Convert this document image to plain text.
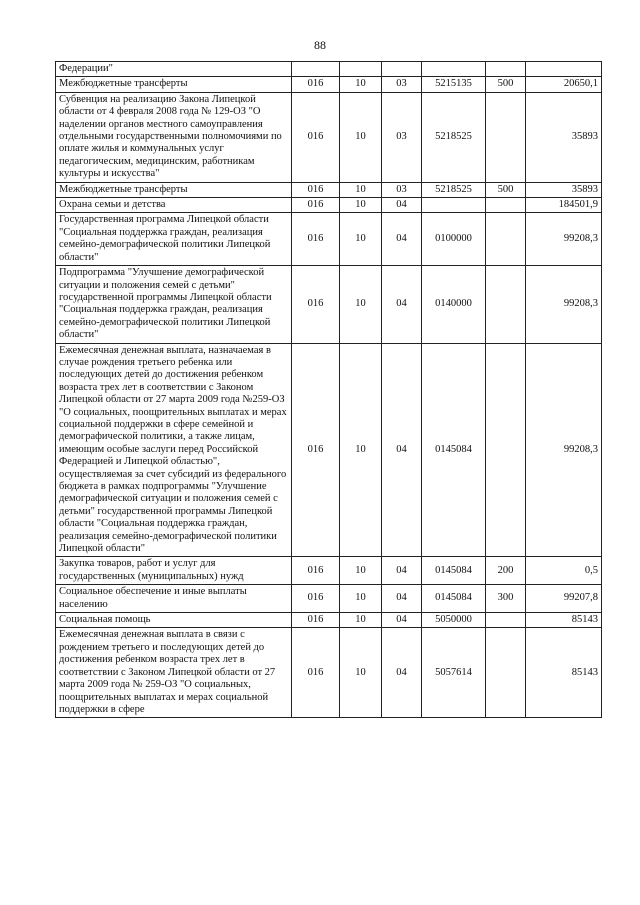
88
Федерации"						
Межбюджетные трансферты	016	10	03	5215135	500	20650,1
Субвенция на реализацию Закона Липецкой области от 4 февраля 2008 года № 129-ОЗ "О наделении органов местного самоуправления отдельными государственными полномочиями по оплате жилья и коммунальных услуг педагогическим, медицинским, работникам культуры и искусства"	016	10	03	5218525		35893
Межбюджетные трансферты	016	10	03	5218525	500	35893
Охрана семьи и детства	016	10	04			184501,9
Государственная программа Липецкой области "Социальная поддержка граждан, реализация семейно-демографической политики Липецкой области"	016	10	04	0100000		99208,3
Подпрограмма "Улучшение демографической ситуации и положения семей с детьми" государственной программы Липецкой области "Социальная поддержка граждан, реализация семейно-демографической политики Липецкой области"	016	10	04	0140000		99208,3
Ежемесячная денежная выплата, назначаемая в случае рождения третьего ребенка или последующих детей до достижения ребенком возраста трех лет в соответствии с Законом Липецкой области от 27 марта 2009 года №259-ОЗ "О социальных, поощрительных выплатах и мерах социальной поддержки в сфере семейной и демографической политики, а также лицам, имеющим особые заслуги перед Российской Федерацией и Липецкой областью", осуществляемая за счет субсидий из федерального бюджета в рамках подпрограммы "Улучшение демографической ситуации и положения семей с детьми" государственной программы Липецкой области "Социальная поддержка граждан, реализация семейно-демографической политики Липецкой области"	016	10	04	0145084		99208,3
Закупка товаров, работ и услуг для государственных (муниципальных) нужд	016	10	04	0145084	200	0,5
Социальное обеспечение и иные выплаты населению	016	10	04	0145084	300	99207,8
Социальная помощь	016	10	04	5050000		85143
Ежемесячная денежная выплата в связи с рождением третьего и последующих детей до достижения ребенком возраста трех лет в соответствии с Законом Липецкой области от 27 марта 2009 года № 259-ОЗ "О социальных, поощрительных выплатах и мерах социальной поддержки в сфере	016	10	04	5057614		85143
